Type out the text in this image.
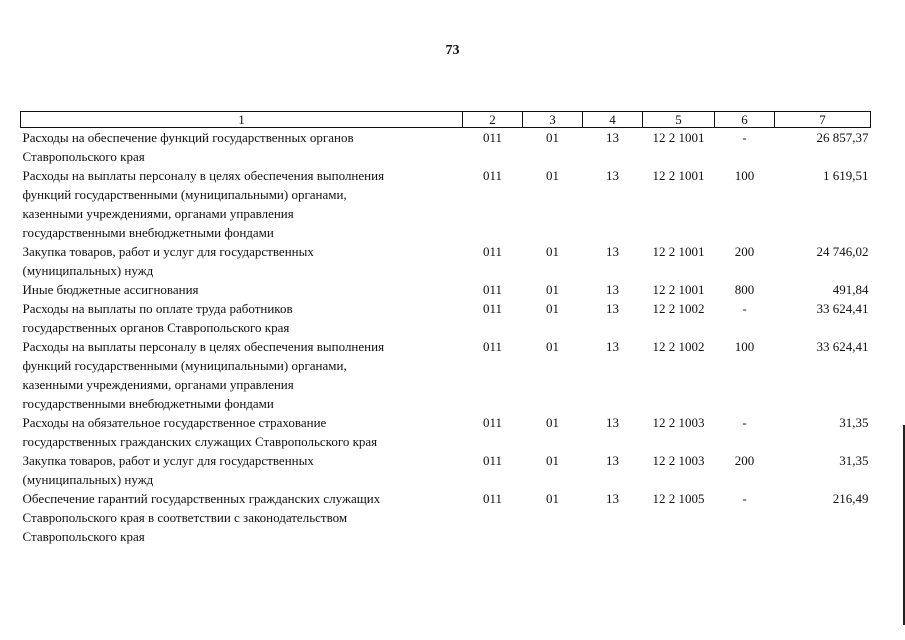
73
1	2	3	4	5	6	7
Расходы на обеспечение функций государственных органов
Ставропольского края	011	01	13	12 2 1001	-	26 857,37
Расходы на выплаты персоналу в целях обеспечения выполнения
функций государственными (муниципальными) органами,
казенными учреждениями, органами управления
государственными внебюджетными фондами	011	01	13	12 2 1001	100	1 619,51
Закупка товаров, работ и услуг для государственных
(муниципальных) нужд	011	01	13	12 2 1001	200	24 746,02
Иные бюджетные ассигнования	011	01	13	12 2 1001	800	491,84
Расходы на выплаты по оплате труда работников
государственных органов Ставропольского края	011	01	13	12 2 1002	-	33 624,41
Расходы на выплаты персоналу в целях обеспечения выполнения
функций государственными (муниципальными) органами,
казенными учреждениями, органами управления
государственными внебюджетными фондами	011	01	13	12 2 1002	100	33 624,41
Расходы на обязательное государственное страхование
государственных гражданских служащих Ставропольского края	011	01	13	12 2 1003	-	31,35
Закупка товаров, работ и услуг для государственных
(муниципальных) нужд	011	01	13	12 2 1003	200	31,35
Обеспечение гарантий государственных гражданских служащих
Ставропольского края в соответствии с законодательством
Ставропольского края	011	01	13	12 2 1005	-	216,49
